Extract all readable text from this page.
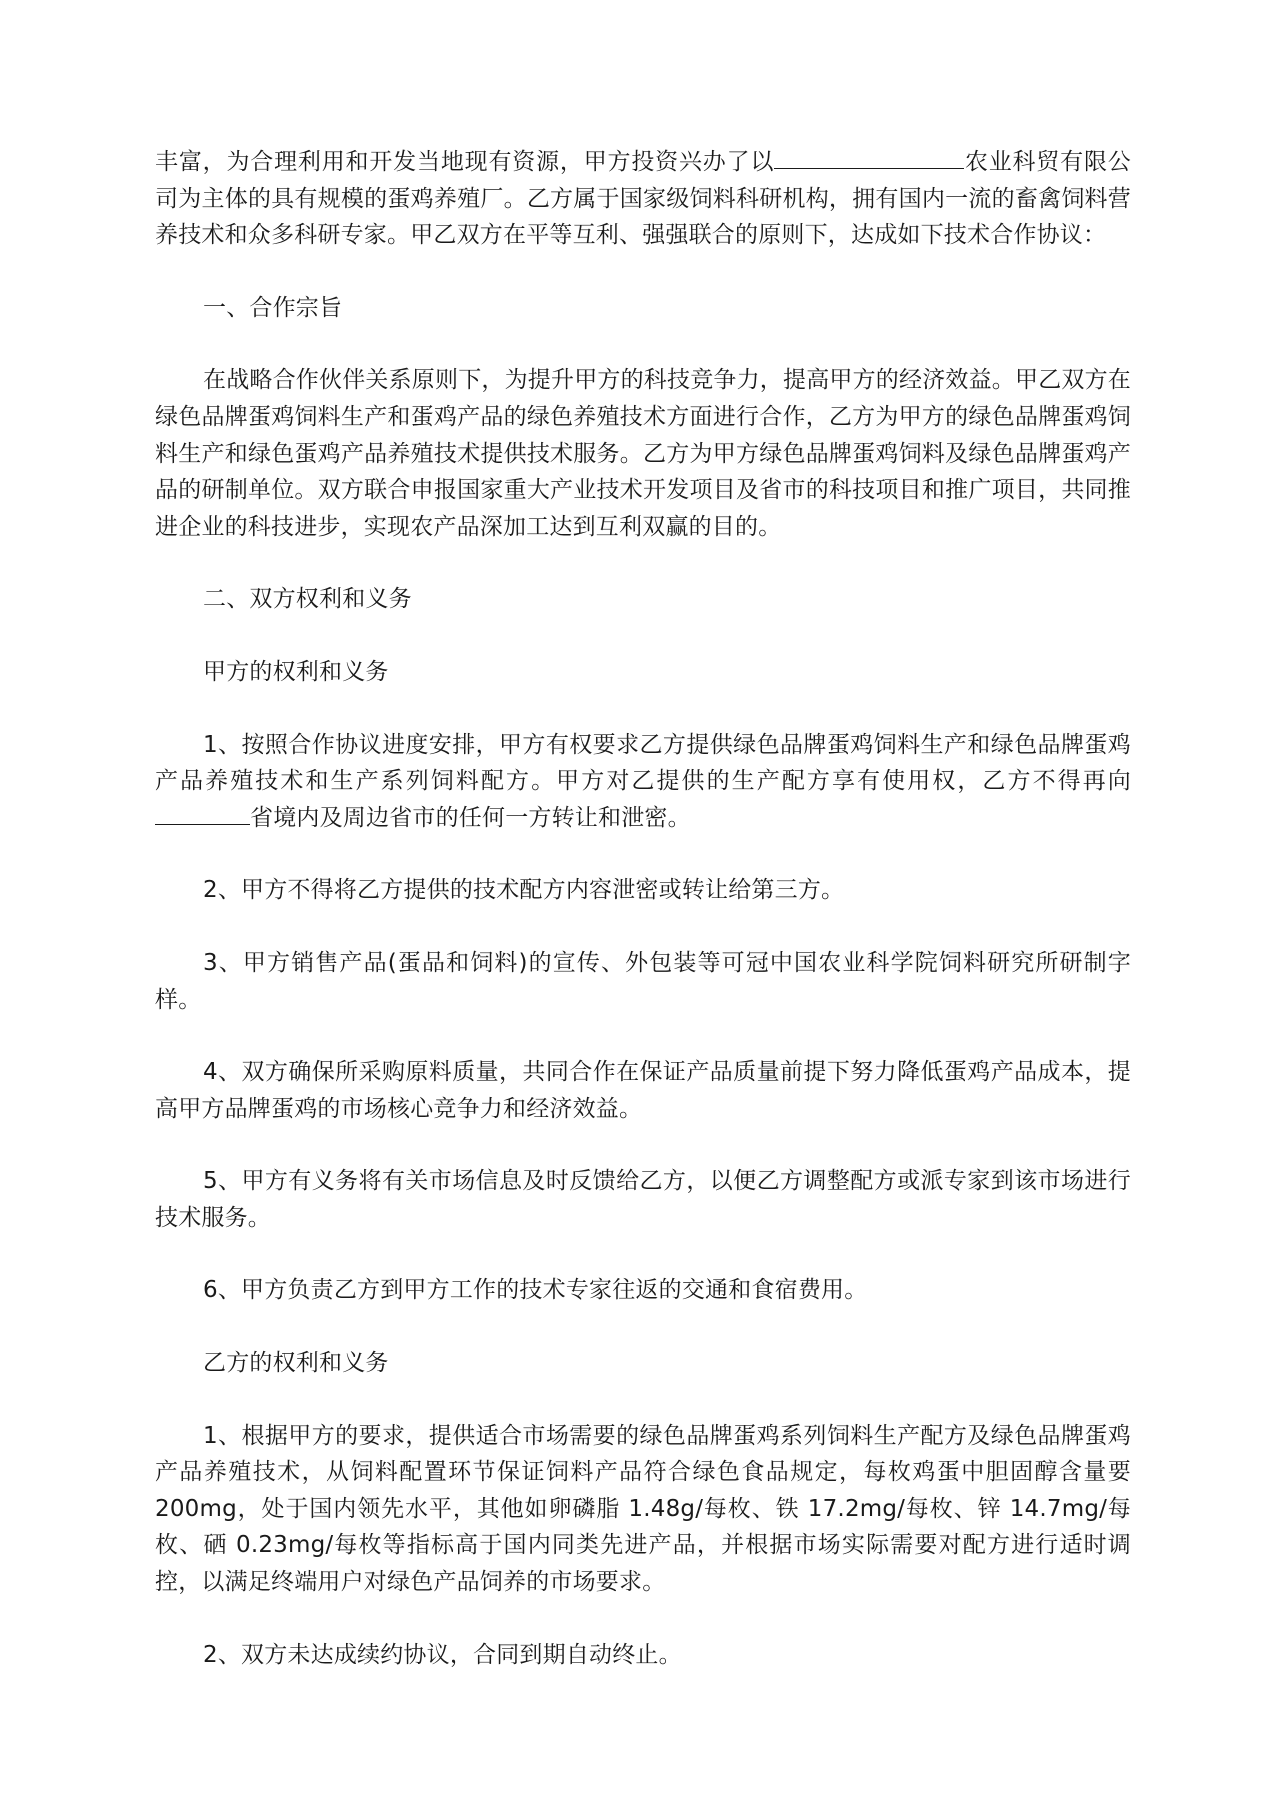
丰富，为合理利用和开发当地现有资源，甲方投资兴办了以	农业科贸有限公司为主体的具有规模的蛋鸡养殖厂。乙方属于国家级饲料科研机构，拥有国内一流的畜禽饲料营养技术和众多科研专家。甲乙双方在平等互利、强强联合的原则下，达成如下技术合作协议：

一、合作宗旨

在战略合作伙伴关系原则下，为提升甲方的科技竞争力，提高甲方的经济效益。甲乙双方在绿色品牌蛋鸡饲料生产和蛋鸡产品的绿色养殖技术方面进行合作，乙方为甲方的绿色品牌蛋鸡饲料生产和绿色蛋鸡产品养殖技术提供技术服务。乙方为甲方绿色品牌蛋鸡饲料及绿色品牌蛋鸡产品的研制单位。双方联合申报国家重大产业技术开发项目及省市的科技项目和推广项目，共同推进企业的科技进步，实现农产品深加工达到互利双赢的目的。

二、双方权利和义务

甲方的权利和义务

1、按照合作协议进度安排，甲方有权要求乙方提供绿色品牌蛋鸡饲料生产和绿色品牌蛋鸡产品养殖技术和生产系列饲料配方。甲方对乙提供的生产配方享有使用权，乙方不得再向省境内及周边省市的任何一方转让和泄密。

2、甲方不得将乙方提供的技术配方内容泄密或转让给第三方。

3、甲方销售产品(蛋品和饲料)的宣传、外包装等可冠中国农业科学院饲料研究所研制字样。

4、双方确保所采购原料质量，共同合作在保证产品质量前提下努力降低蛋鸡产品成本，提高甲方品牌蛋鸡的市场核心竞争力和经济效益。

5、甲方有义务将有关市场信息及时反馈给乙方，以便乙方调整配方或派专家到该市场进行技术服务。

6、甲方负责乙方到甲方工作的技术专家往返的交通和食宿费用。

乙方的权利和义务

1、根据甲方的要求，提供适合市场需要的绿色品牌蛋鸡系列饲料生产配方及绿色品牌蛋鸡产品养殖技术，从饲料配置环节保证饲料产品符合绿色食品规定，每枚鸡蛋中胆固醇含量要 200mg，处于国内领先水平，其他如卵磷脂 1.48g/每枚、铁 17.2mg/每枚、锌 14.7mg/每枚、硒 0.23mg/每枚等指标高于国内同类先进产品，并根据市场实际需要对配方进行适时调控，以满足终端用户对绿色产品饲养的市场要求。

2、双方未达成续约协议，合同到期自动终止。
